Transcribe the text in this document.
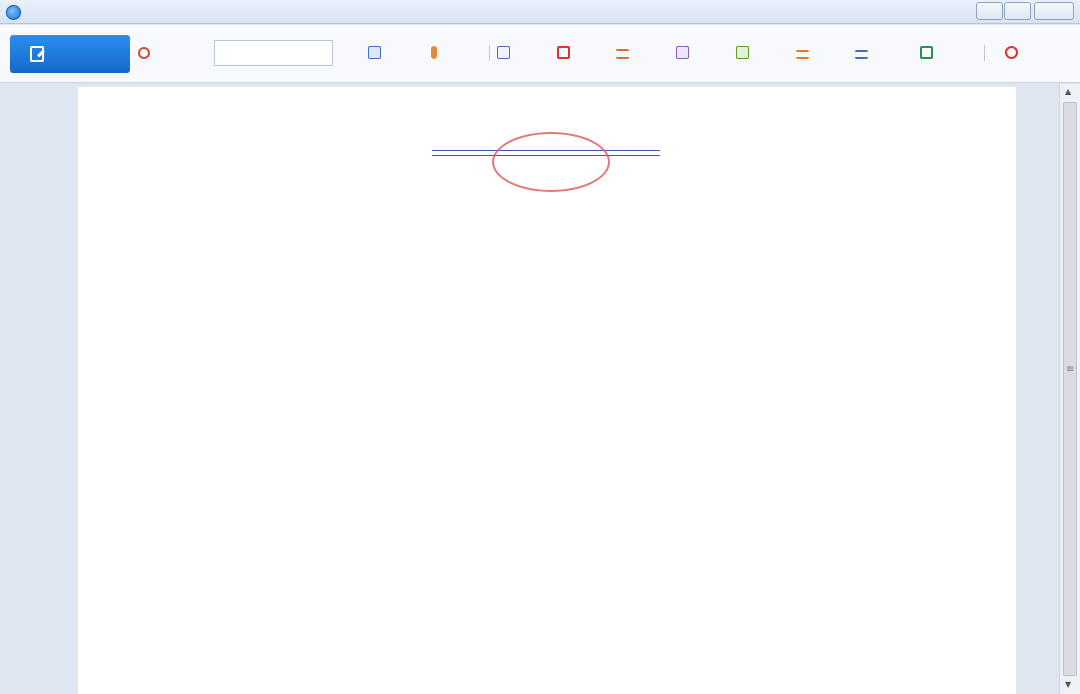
▲
≡
▼
